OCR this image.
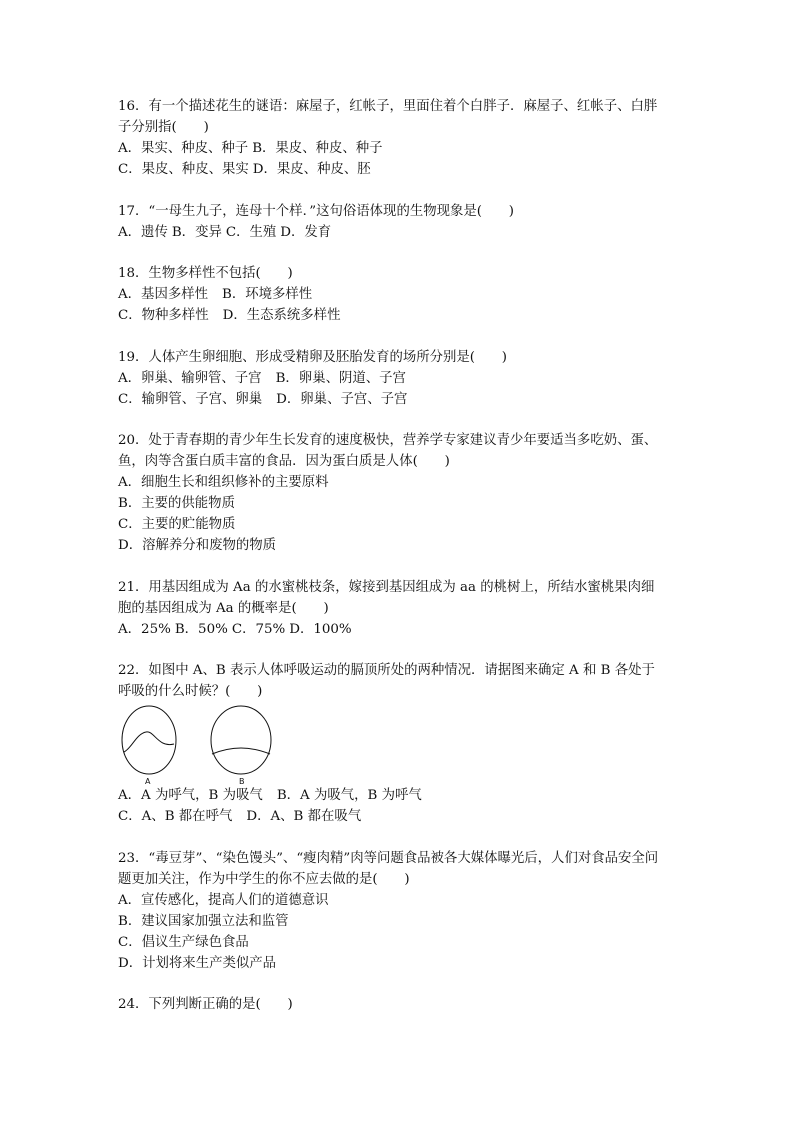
16．有一个描述花生的谜语：麻屋子，红帐子，里面住着个白胖子．麻屋子、红帐子、白胖
子分别指(　　)
A．果实、种皮、种子 B．果皮、种皮、种子
C．果皮、种皮、果实 D．果皮、种皮、胚
17．“一母生九子，连母十个样．”这句俗语体现的生物现象是(　　)
A．遗传 B．变异 C．生殖 D．发育
18．生物多样性不包括(　　)
A．基因多样性 B．环境多样性
C．物种多样性 D．生态系统多样性
19．人体产生卵细胞、形成受精卵及胚胎发育的场所分别是(　　)
A．卵巢、输卵管、子宫 B．卵巢、阴道、子宫
C．输卵管、子宫、卵巢 D．卵巢、子宫、子宫
20．处于青春期的青少年生长发育的速度极快，营养学专家建议青少年要适当多吃奶、蛋、
鱼，肉等含蛋白质丰富的食品．因为蛋白质是人体(　　)
A．细胞生长和组织修补的主要原料
B．主要的供能物质
C．主要的贮能物质
D．溶解养分和废物的物质
21．用基因组成为 Aa 的水蜜桃枝条，嫁接到基因组成为 aa 的桃树上，所结水蜜桃果肉细
胞的基因组成为 Aa 的概率是(　　)
A．25% B．50% C．75% D．100%
22．如图中 A、B 表示人体呼吸运动的膈顶所处的两种情况．请据图来确定 A 和 B 各处于
呼吸的什么时候？(　　)
A	B
A．A 为呼气，B 为吸气 B．A 为吸气，B 为呼气
C．A、B 都在呼气 D．A、B 都在吸气
23．“毒豆芽”、“染色馒头”、“瘦肉精”肉等问题食品被各大媒体曝光后，人们对食品安全问
题更加关注，作为中学生的你不应去做的是(　　)
A．宣传感化，提高人们的道德意识
B．建议国家加强立法和监管
C．倡议生产绿色食品
D．计划将来生产类似产品
24．下列判断正确的是(　　)
